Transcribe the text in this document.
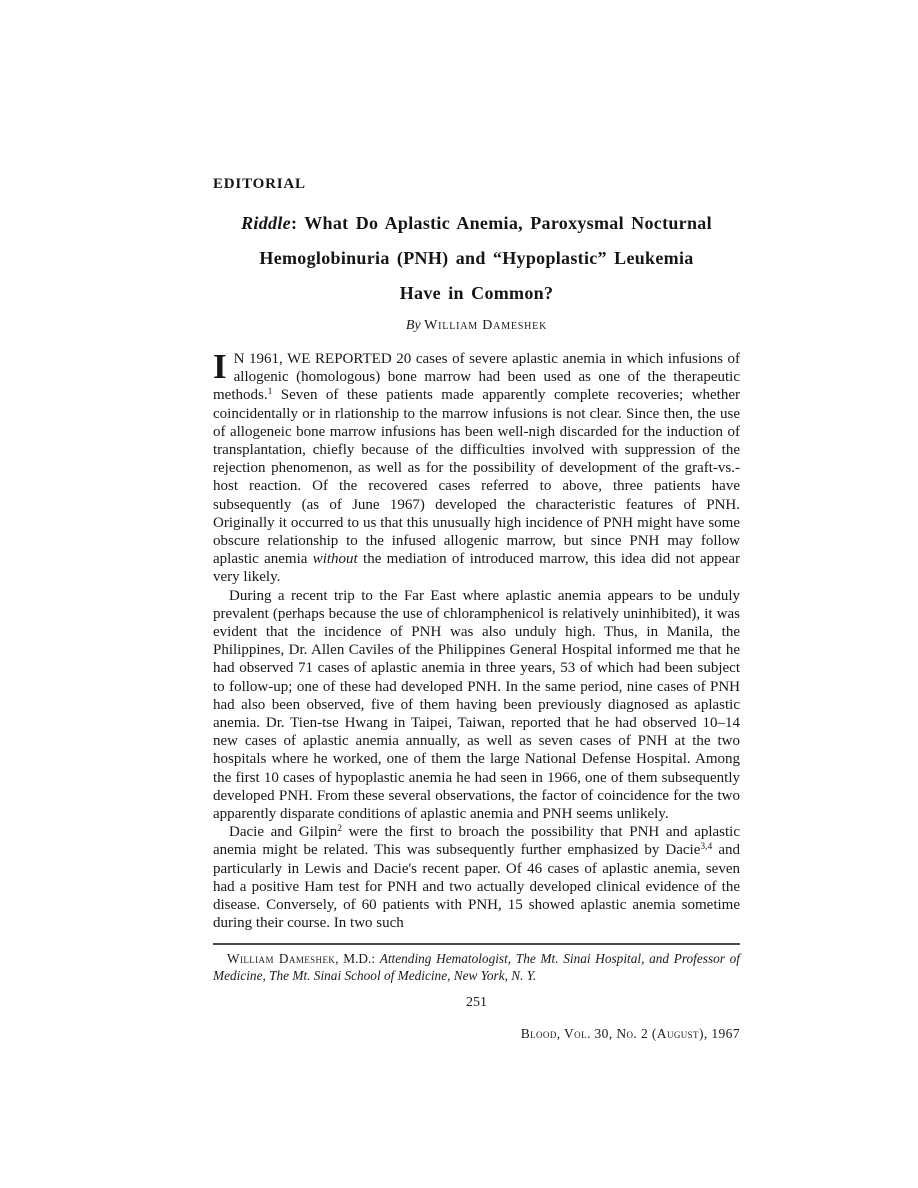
EDITORIAL
Riddle: What Do Aplastic Anemia, Paroxysmal Nocturnal
Hemoglobinuria (PNH) and “Hypoplastic” Leukemia
Have in Common?
By William Dameshek

I N 1961, WE REPORTED 20 cases of severe aplastic anemia in which infusions of allogenic (homologous) bone marrow had been used as one of the therapeutic methods.$^1$ Seven of these patients made apparently complete recoveries; whether coincidentally or in rlationship to the marrow infusions is not clear. Since then, the use of allogeneic bone marrow infusions has been well-nigh discarded for the induction of transplantation, chiefly because of the difficulties involved with suppression of the rejection phenomenon, as well as for the possibility of development of the graft-vs.-host reaction. Of the recovered cases referred to above, three patients have subsequently (as of June 1967) developed the characteristic features of PNH. Originally it occurred to us that this unusually high incidence of PNH might have some obscure relationship to the infused allogenic marrow, but since PNH may follow aplastic anemia without the mediation of introduced marrow, this idea did not appear very likely.

During a recent trip to the Far East where aplastic anemia appears to be unduly prevalent (perhaps because the use of chloramphenicol is relatively uninhibited), it was evident that the incidence of PNH was also unduly high. Thus, in Manila, the Philippines, Dr. Allen Caviles of the Philippines General Hospital informed me that he had observed 71 cases of aplastic anemia in three years, 53 of which had been subject to follow-up; one of these had developed PNH. In the same period, nine cases of PNH had also been observed, five of them having been previously diagnosed as aplastic anemia. Dr. Tien-tse Hwang in Taipei, Taiwan, reported that he had observed 10–14 new cases of aplastic anemia annually, as well as seven cases of PNH at the two hospitals where he worked, one of them the large National Defense Hospital. Among the first 10 cases of hypoplastic anemia he had seen in 1966, one of them subsequently developed PNH. From these several observations, the factor of coincidence for the two apparently disparate conditions of aplastic anemia and PNH seems unlikely.

Dacie and Gilpin$^2$ were the first to broach the possibility that PNH and aplastic anemia might be related. This was subsequently further emphasized by Dacie$^{3,4}$ and particularly in Lewis and Dacie's recent paper. Of 46 cases of aplastic anemia, seven had a positive Ham test for PNH and two actually developed clinical evidence of the disease. Conversely, of 60 patients with PNH, 15 showed aplastic anemia sometime during their course. In two such

William Dameshek, M.D.: Attending Hematologist, The Mt. Sinai Hospital, and Professor of Medicine, The Mt. Sinai School of Medicine, New York, N. Y.
251
Blood, Vol. 30, No. 2 (August), 1967
